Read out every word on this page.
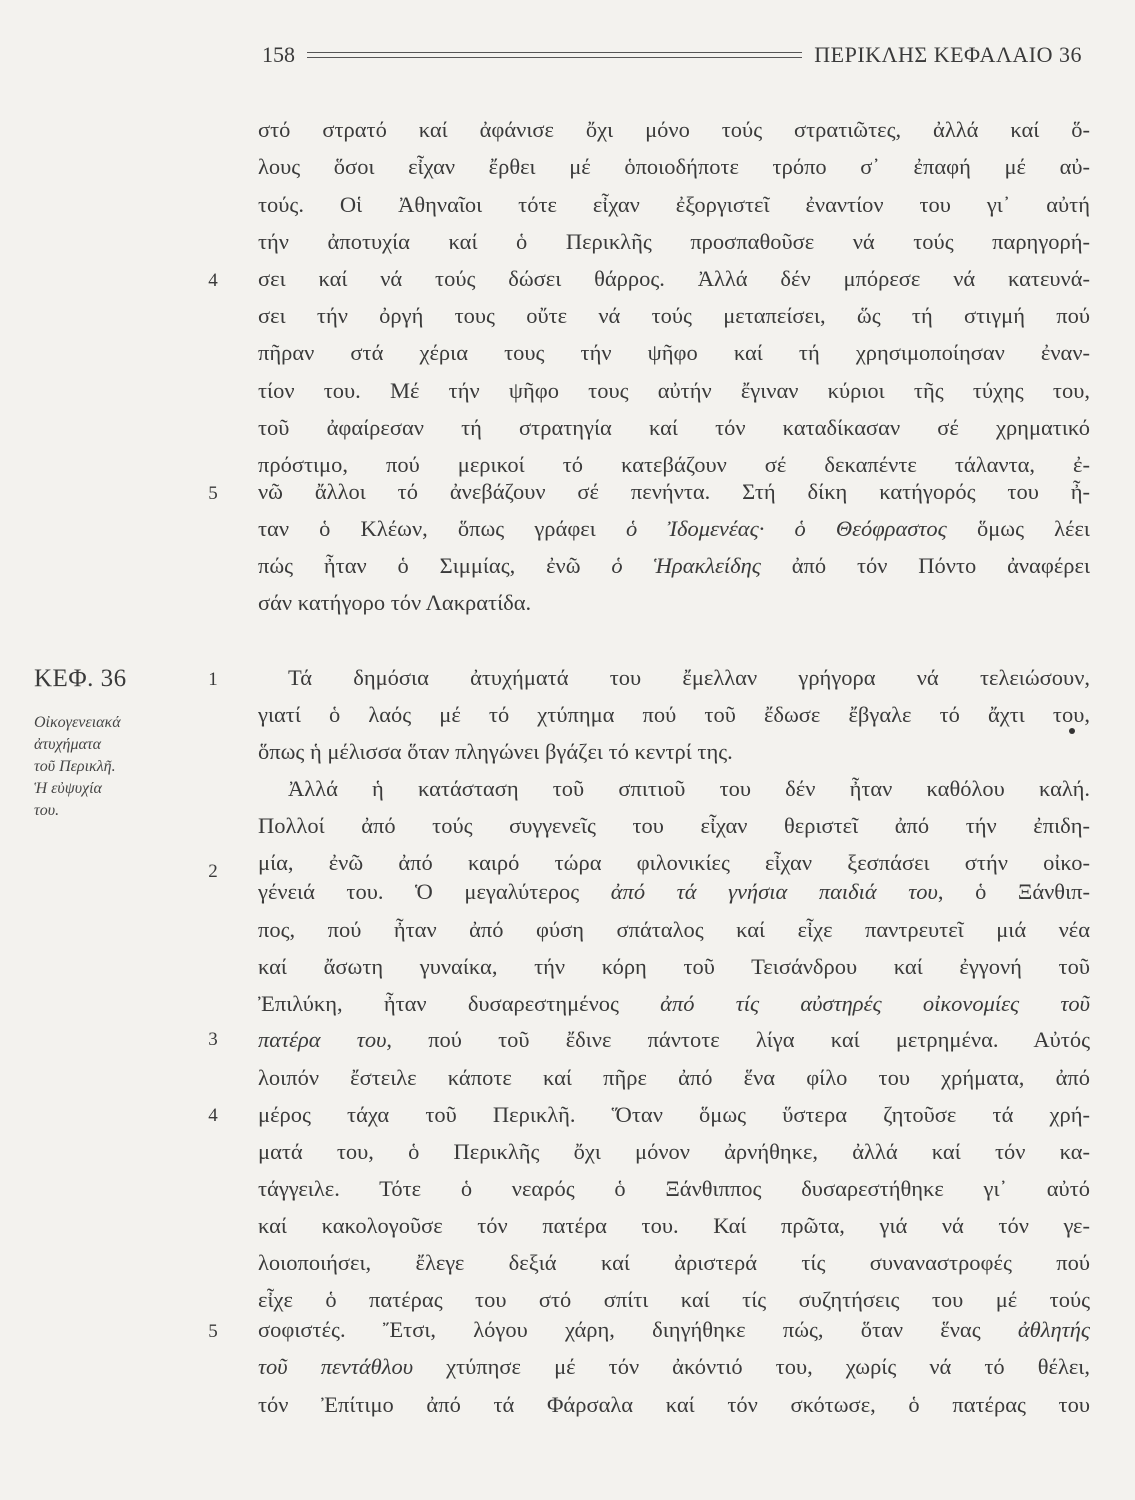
158	ΠΕΡΙΚΛΗΣ ΚΕΦΑΛΑΙΟ 36
ΚΕΦ. 36
Οἰκογενειακά
ἀτυχήματα
τοῦ Περικλῆ.
Ἡ εὐψυχία
του.
4
5
1
2
3
4
5
στό στρατό καί ἀφάνισε ὄχι μόνο τούς στρατιῶτες, ἀλλά καί ὅ-
λους ὅσοι εἶχαν ἔρθει μέ ὁποιοδήποτε τρόπο σ᾽ ἐπαφή μέ αὐ-
τούς. Οἱ Ἀθηναῖοι τότε εἶχαν ἐξοργιστεῖ ἐναντίον του γι᾽ αὐτή
τήν ἀποτυχία καί ὁ Περικλῆς προσπαθοῦσε νά τούς παρηγορή-
σει καί νά τούς δώσει θάρρος. Ἀλλά δέν μπόρεσε νά κατευνά-
σει τήν ὀργή τους οὔτε νά τούς μεταπείσει, ὥς τή στιγμή πού
πῆραν στά χέρια τους τήν ψῆφο καί τή χρησιμοποίησαν ἐναν-
τίον του. Μέ τήν ψῆφο τους αὐτήν ἔγιναν κύριοι τῆς τύχης του,
τοῦ ἀφαίρεσαν τή στρατηγία καί τόν καταδίκασαν σέ χρηματικό
πρόστιμο, πού μερικοί τό κατεβάζουν σέ δεκαπέντε τάλαντα, ἐ-
νῶ ἄλλοι τό ἀνεβάζουν σέ πενήντα. Στή δίκη κατήγορός του ἦ-
ταν ὁ Κλέων, ὅπως γράφει ὁ Ἰδομενέας· ὁ Θεόφραστος ὅμως λέει
πώς ἦταν ὁ Σιμμίας, ἐνῶ ὁ Ἡρακλείδης ἀπό τόν Πόντο ἀναφέρει
σάν κατήγορο τόν Λακρατίδα.
Τά δημόσια ἀτυχήματά του ἔμελλαν γρήγορα νά τελειώσουν,
γιατί ὁ λαός μέ τό χτύπημα πού τοῦ ἔδωσε ἔβγαλε τό ἄχτι του,
ὅπως ἡ μέλισσα ὅταν πληγώνει βγάζει τό κεντρί της.
Ἀλλά ἡ κατάσταση τοῦ σπιτιοῦ του δέν ἦταν καθόλου καλή.
Πολλοί ἀπό τούς συγγενεῖς του εἶχαν θεριστεῖ ἀπό τήν ἐπιδη-
μία, ἐνῶ ἀπό καιρό τώρα φιλονικίες εἶχαν ξεσπάσει στήν οἰκο-
γένειά του. Ὁ μεγαλύτερος ἀπό τά γνήσια παιδιά του, ὁ Ξάνθιπ-
πος, πού ἦταν ἀπό φύση σπάταλος καί εἶχε παντρευτεῖ μιά νέα
καί ἄσωτη γυναίκα, τήν κόρη τοῦ Τεισάνδρου καί ἐγγονή τοῦ
Ἐπιλύκη, ἦταν δυσαρεστημένος ἀπό τίς αὐστηρές οἰκονομίες τοῦ
πατέρα του, πού τοῦ ἔδινε πάντοτε λίγα καί μετρημένα. Αὐτός
λοιπόν ἔστειλε κάποτε καί πῆρε ἀπό ἕνα φίλο του χρήματα, ἀπό
μέρος τάχα τοῦ Περικλῆ. Ὅταν ὅμως ὕστερα ζητοῦσε τά χρή-
ματά του, ὁ Περικλῆς ὄχι μόνον ἀρνήθηκε, ἀλλά καί τόν κα-
τάγγειλε. Τότε ὁ νεαρός ὁ Ξάνθιππος δυσαρεστήθηκε γι᾽ αὐτό
καί κακολογοῦσε τόν πατέρα του. Καί πρῶτα, γιά νά τόν γε-
λοιοποιήσει, ἔλεγε δεξιά καί ἀριστερά τίς συναναστροφές πού
εἶχε ὁ πατέρας του στό σπίτι καί τίς συζητήσεις του μέ τούς
σοφιστές. Ἔτσι, λόγου χάρη, διηγήθηκε πώς, ὅταν ἕνας ἀθλητής
τοῦ πεντάθλου χτύπησε μέ τόν ἀκόντιό του, χωρίς νά τό θέλει,
τόν Ἐπίτιμο ἀπό τά Φάρσαλα καί τόν σκότωσε, ὁ πατέρας του
